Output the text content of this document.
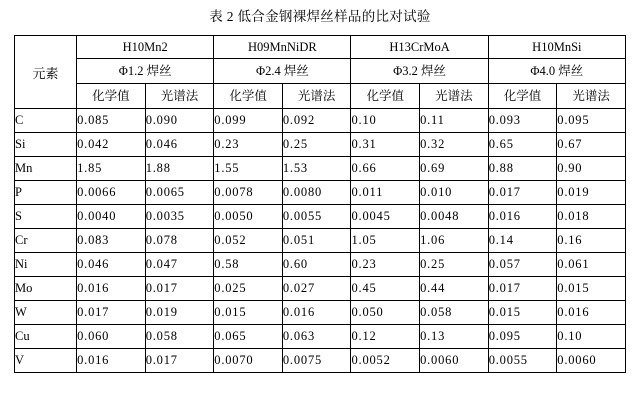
表 2 低合金钢裸焊丝样品的比对试验
元素	H10Mn2		H09MnNiDR		H13CrMoA		H10MnSi	
	Φ1.2 焊丝		Φ2.4 焊丝		Φ3.2 焊丝		Φ4.0 焊丝	
	化学值	光谱法	化学值	光谱法	化学值	光谱法	化学值	光谱法
C	0.085	0.090	0.099	0.092	0.10	0.11	0.093	0.095
Si	0.042	0.046	0.23	0.25	0.31	0.32	0.65	0.67
Mn	1.85	1.88	1.55	1.53	0.66	0.69	0.88	0.90
P	0.0066	0.0065	0.0078	0.0080	0.011	0.010	0.017	0.019
S	0.0040	0.0035	0.0050	0.0055	0.0045	0.0048	0.016	0.018
Cr	0.083	0.078	0.052	0.051	1.05	1.06	0.14	0.16
Ni	0.046	0.047	0.58	0.60	0.23	0.25	0.057	0.061
Mo	0.016	0.017	0.025	0.027	0.45	0.44	0.017	0.015
W	0.017	0.019	0.015	0.016	0.050	0.058	0.015	0.016
Cu	0.060	0.058	0.065	0.063	0.12	0.13	0.095	0.10
V	0.016	0.017	0.0070	0.0075	0.0052	0.0060	0.0055	0.0060
